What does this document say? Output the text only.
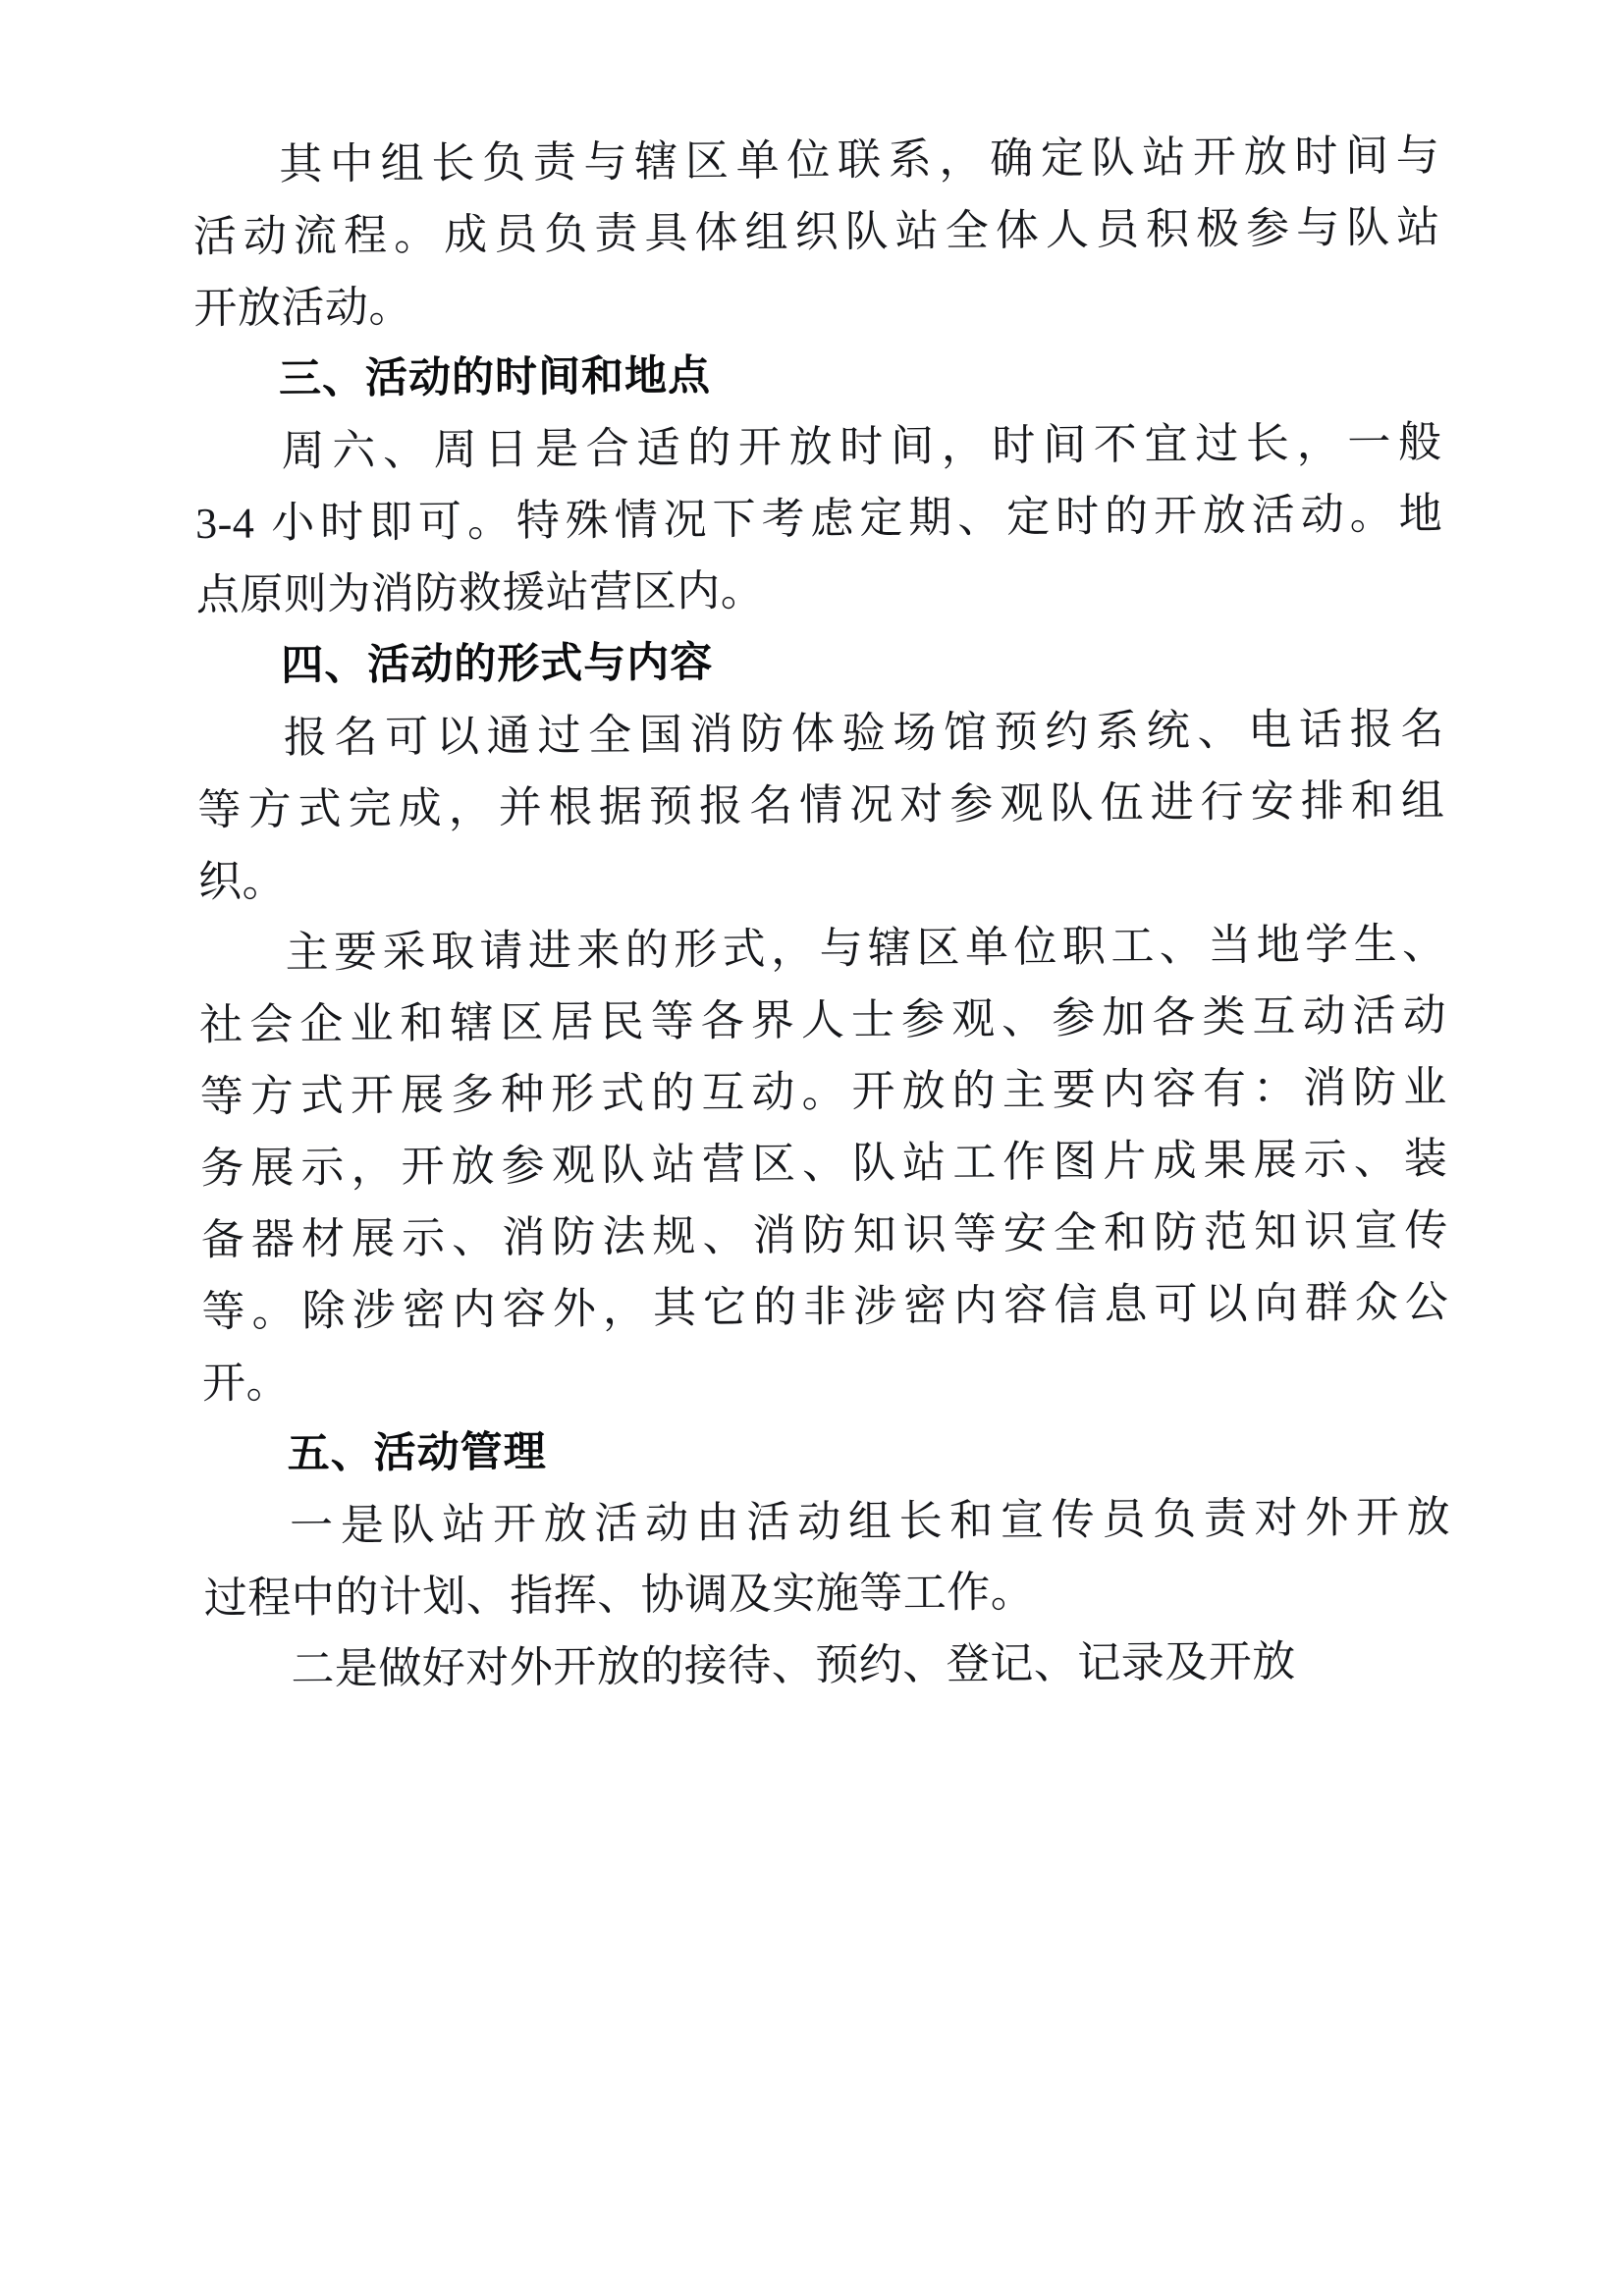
其中组长负责与辖区单位联系，确定队站开放时间与
活动流程。成员负责具体组织队站全体人员积极参与队站
开放活动。

三、活动的时间和地点

周六、周日是合适的开放时间，时间不宜过长，一般
3-4 小时即可。特殊情况下考虑定期、定时的开放活动。地
点原则为消防救援站营区内。

四、活动的形式与内容

报名可以通过全国消防体验场馆预约系统、电话报名
等方式完成，并根据预报名情况对参观队伍进行安排和组
织。

主要采取请进来的形式，与辖区单位职工、当地学生、
社会企业和辖区居民等各界人士参观、参加各类互动活动
等方式开展多种形式的互动。开放的主要内容有：消防业
务展示，开放参观队站营区、队站工作图片成果展示、装
备器材展示、消防法规、消防知识等安全和防范知识宣传
等。除涉密内容外，其它的非涉密内容信息可以向群众公
开。

五、活动管理

一是队站开放活动由活动组长和宣传员负责对外开放
过程中的计划、指挥、协调及实施等工作。

二是做好对外开放的接待、预约、登记、记录及开放
